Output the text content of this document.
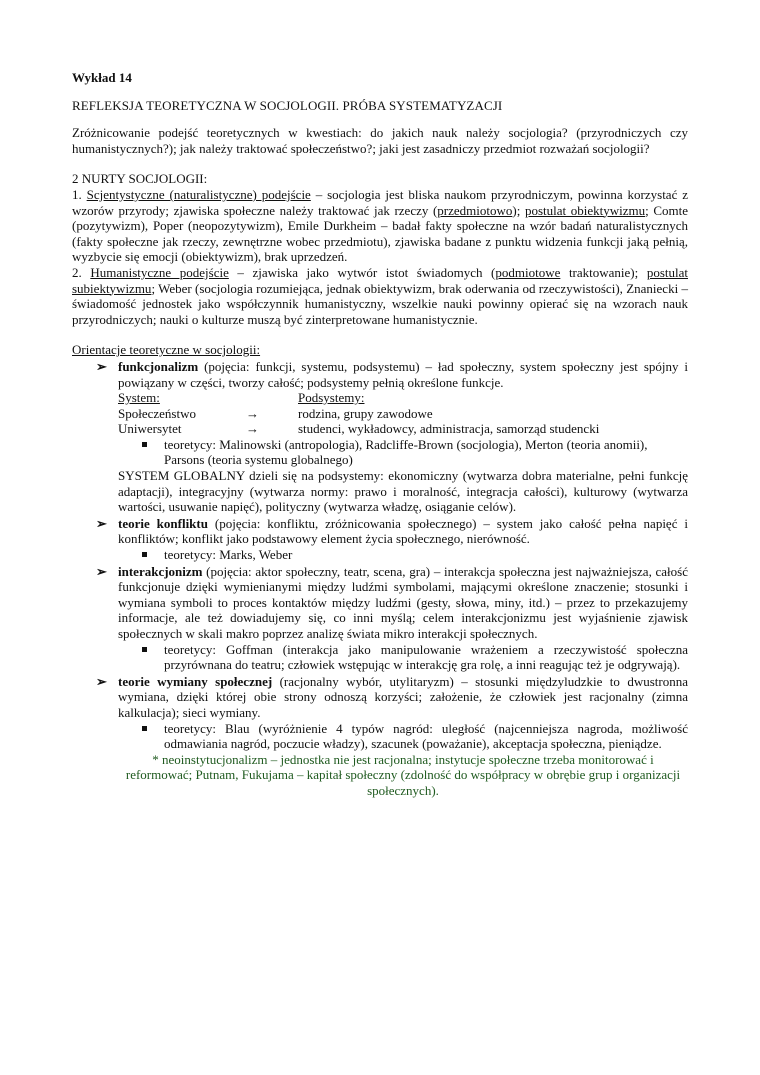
Wykład 14
REFLEKSJA TEORETYCZNA W SOCJOLOGII. PRÓBA SYSTEMATYZACJI

Zróżnicowanie podejść teoretycznych w kwestiach: do jakich nauk należy socjologia? (przyrodniczych czy humanistycznych?); jak należy traktować społeczeństwo?; jaki jest zasadniczy przedmiot rozważań socjologii?

2 NURTY SOCJOLOGII:

1. Scjentystyczne (naturalistyczne) podejście – socjologia jest bliska naukom przyrodniczym, powinna korzystać z wzorów przyrody; zjawiska społeczne należy traktować jak rzeczy (przedmiotowo); postulat obiektywizmu; Comte (pozytywizm), Poper (neopozytywizm), Emile Durkheim – badał fakty społeczne na wzór badań naturalistycznych (fakty społeczne jak rzeczy, zewnętrzne wobec przedmiotu), zjawiska badane z punktu widzenia funkcji jaką pełnią, wyzbycie się emocji (obiektywizm), brak uprzedzeń.

2. Humanistyczne podejście – zjawiska jako wytwór istot świadomych (podmiotowe traktowanie); postulat subiektywizmu; Weber (socjologia rozumiejąca, jednak obiektywizm, brak oderwania od rzeczywistości), Znaniecki – świadomość jednostek jako współczynnik humanistyczny, wszelkie nauki powinny opierać się na wzorach nauk przyrodniczych; nauki o kulturze muszą być zinterpretowane humanistycznie.

Orientacje teoretyczne w socjologii:

➢ funkcjonalizm (pojęcia: funkcji, systemu, podsystemu) – ład społeczny, system społeczny jest spójny i powiązany w części, tworzy całość; podsystemy pełnią określone funkcje.

System:	Podsystemy:
Społeczeństwo	→	rodzina, grupy zawodowe
Uniwersytet	→	studenci, wykładowcy, administracja, samorząd studencki

teoretycy: Malinowski (antropologia), Radcliffe-Brown (socjologia), Merton (teoria anomii), Parsons (teoria systemu globalnego)

SYSTEM GLOBALNY dzieli się na podsystemy: ekonomiczny (wytwarza dobra materialne, pełni funkcję adaptacji), integracyjny (wytwarza normy: prawo i moralność, integracja całości), kulturowy (wytwarza wartości, usuwanie napięć), polityczny (wytwarza władzę, osiąganie celów).

➢ teorie konfliktu (pojęcia: konfliktu, zróżnicowania społecznego) – system jako całość pełna napięć i konfliktów; konflikt jako podstawowy element życia społecznego, nierówność.

teoretycy: Marks, Weber

➢ interakcjonizm (pojęcia: aktor społeczny, teatr, scena, gra) – interakcja społeczna jest najważniejsza, całość funkcjonuje dzięki wymienianymi między ludźmi symbolami, mającymi określone znaczenie; stosunki i wymiana symboli to proces kontaktów między ludźmi (gesty, słowa, miny, itd.) – przez to przekazujemy informacje, ale też dowiadujemy się, co inni myślą; celem interakcjonizmu jest wyjaśnienie zjawisk społecznych w skali makro poprzez analizę świata mikro interakcji społecznych.

teoretycy: Goffman (interakcja jako manipulowanie wrażeniem a rzeczywistość społeczna przyrównana do teatru; człowiek wstępując w interakcję gra rolę, a inni reagując też je odgrywają).

➢ teorie wymiany społecznej (racjonalny wybór, utylitaryzm) – stosunki międzyludzkie to dwustronna wymiana, dzięki której obie strony odnoszą korzyści; założenie, że człowiek jest racjonalny (zimna kalkulacja); sieci wymiany.

teoretycy: Blau (wyróżnienie 4 typów nagród: uległość (najcenniejsza nagroda, możliwość odmawiania nagród, poczucie władzy), szacunek (poważanie), akceptacja społeczna, pieniądze.

* neoinstytucjonalizm – jednostka nie jest racjonalna; instytucje społeczne trzeba monitorować i reformować; Putnam, Fukujama – kapitał społeczny (zdolność do współpracy w obrębie grup i organizacji społecznych).
